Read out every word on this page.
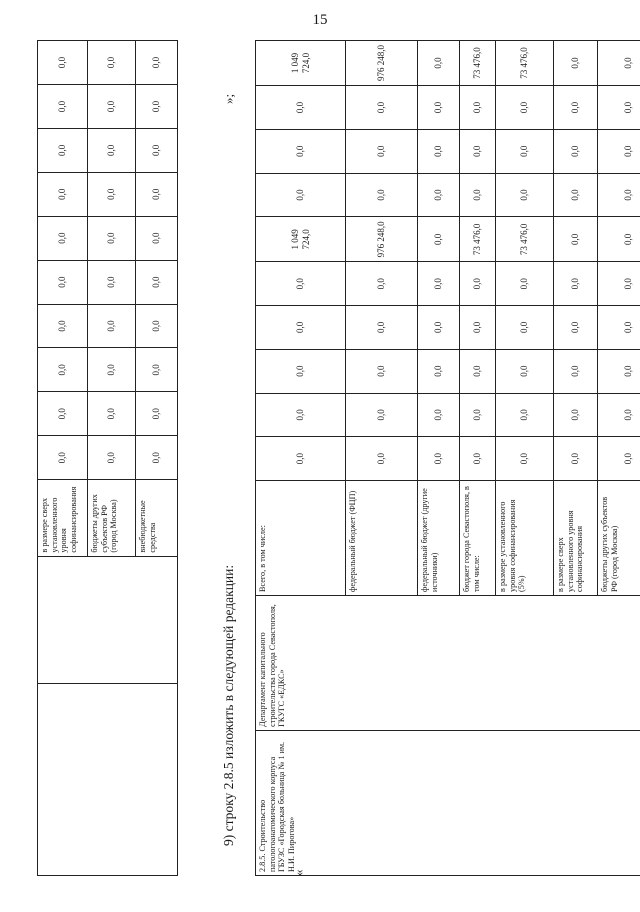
15
		в размере сверх установленного уровня софинансирования	0,0	0,0	0,0	0,0	0,0	0,0	0,0	0,0	0,0	0,0
		бюджеты других субъектов РФ (город Москва)	0,0	0,0	0,0	0,0	0,0	0,0	0,0	0,0	0,0	0,0
		внебюджетные средства	0,0	0,0	0,0	0,0	0,0	0,0	0,0	0,0	0,0	0,0
»;
9) строку 2.8.5 изложить в следующей редакции:
«
2.8.5. Строительство патологоанатомического корпуса ГБУЗС «Городская больница № 1 им. Н.И. Пирогова»	Департамент капитального строительства города Севастополя, ГКУГС «ЕДКС»	Всего, в том числе:	0,0	0,0	0,0	0,0	0,0	1 049 724,0	0,0	0,0	0,0	1 049 724,0
		федеральный бюджет (ФЦП)	0,0	0,0	0,0	0,0	0,0	976 248,0	0,0	0,0	0,0	976 248,0
		федеральный бюджет (другие источники)	0,0	0,0	0,0	0,0	0,0	0,0	0,0	0,0	0,0	0,0
		бюджет города Севастополя, в том числе:	0,0	0,0	0,0	0,0	0,0	73 476,0	0,0	0,0	0,0	73 476,0
		в размере установленного уровня софинансирования (5%)	0,0	0,0	0,0	0,0	0,0	73 476,0	0,0	0,0	0,0	73 476,0
		в размере сверх установленного уровня софинансирования	0,0	0,0	0,0	0,0	0,0	0,0	0,0	0,0	0,0	0,0
		бюджеты других субъектов РФ (город Москва)	0,0	0,0	0,0	0,0	0,0	0,0	0,0	0,0	0,0	0,0
